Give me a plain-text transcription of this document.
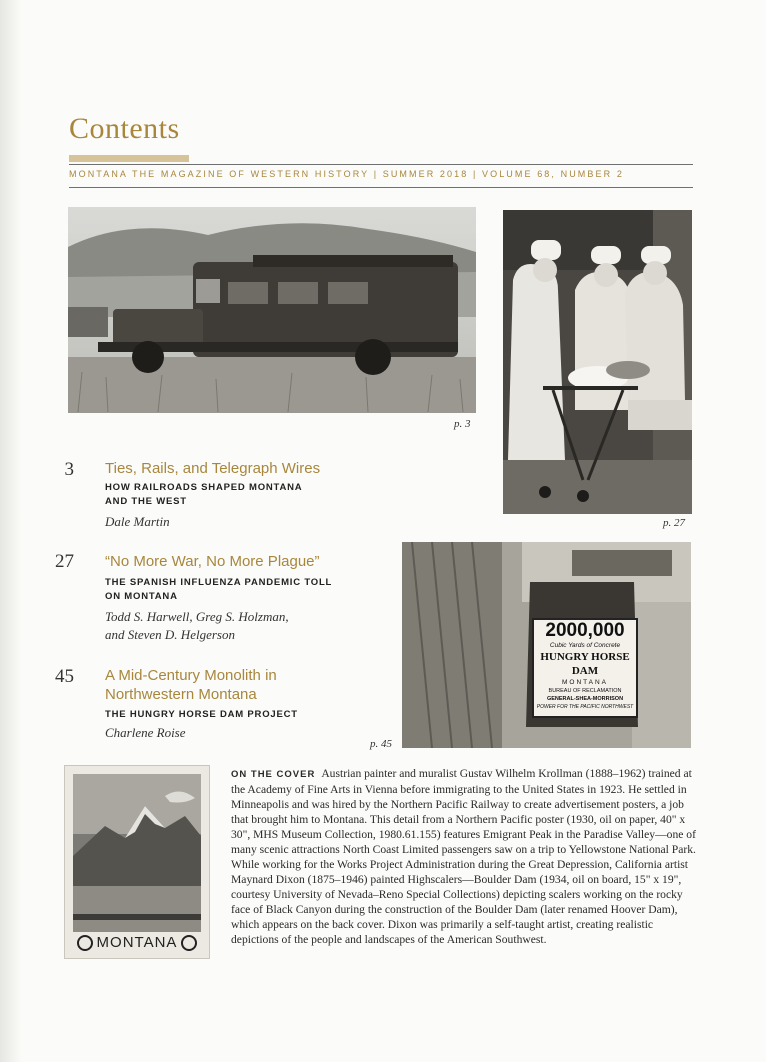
Contents
MONTANA THE MAGAZINE OF WESTERN HISTORY | SUMMER 2018 | VOLUME 68, NUMBER 2
p. 3
p. 27
2000,000
Cubic Yards of Concrete
HUNGRY HORSE DAM
MONTANA
BUREAU OF RECLAMATION
GENERAL-SHEA-MORRISON
POWER FOR THE PACIFIC NORTHWEST
p. 45
3 Ties, Rails, and Telegraph Wires
HOW RAILROADS SHAPED MONTANA
AND THE WEST
Dale Martin
27 “No More War, No More Plague”
THE SPANISH INFLUENZA PANDEMIC TOLL
ON MONTANA
Todd S. Harwell, Greg S. Holzman,
and Steven D. Helgerson
45 A Mid-Century Monolith in
Northwestern Montana
THE HUNGRY HORSE DAM PROJECT
Charlene Roise
MONTANA
ON THE COVER Austrian painter and muralist Gustav Wilhelm Krollman (1888–1962) trained at the Academy of Fine Arts in Vienna before immigrating to the United States in 1923. He settled in Minneapolis and was hired by the Northern Pacific Railway to create advertisement posters, a job that brought him to Montana. This detail from a Northern Pacific poster (1930, oil on paper, 40" x 30", MHS Museum Collection, 1980.61.155) features Emigrant Peak in the Paradise Valley—one of many scenic attractions North Coast Limited passengers saw on a trip to Yellowstone National Park. While working for the Works Project Administration during the Great Depression, California artist Maynard Dixon (1875–1946) painted Highscalers—Boulder Dam (1934, oil on board, 15" x 19", courtesy University of Nevada–Reno Special Collections) depicting scalers working on the rocky face of Black Canyon during the construction of the Boulder Dam (later renamed Hoover Dam), which appears on the back cover. Dixon was primarily a self-taught artist, creating realistic depictions of the people and landscapes of the American Southwest.
